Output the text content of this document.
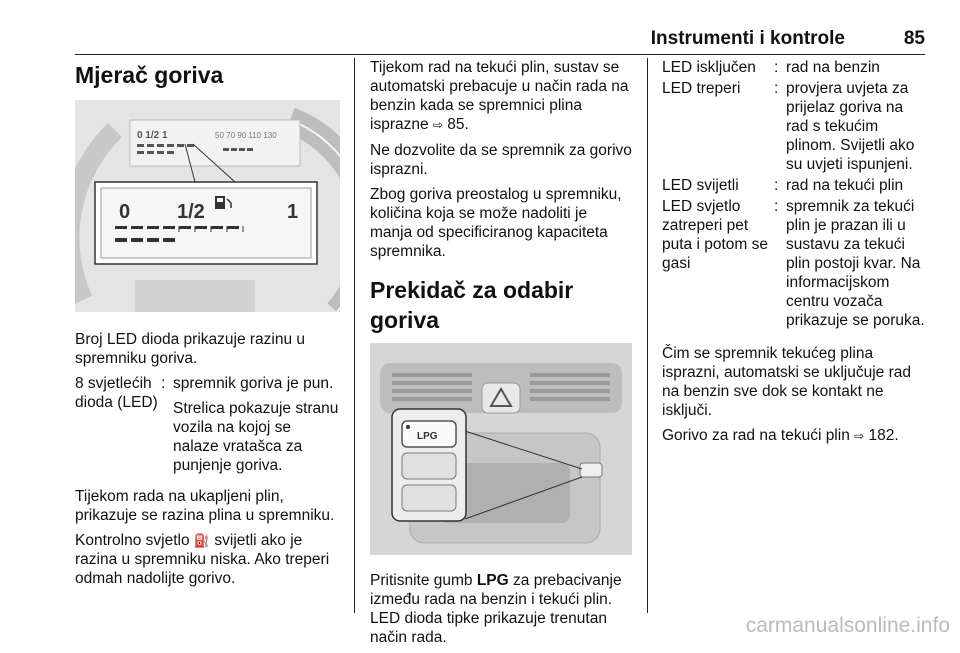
Instrumenti i kontrole	85
Mjerač goriva
0 1/2 1	50 70 90 110 130
0 1/2	1

Broj LED dioda prikazuje razinu u spremniku goriva.

8 svjetlećih dioda (LED)	:	spremnik goriva je pun.
Strelica pokazuje stranu vozila na kojoj se nalaze vratašca za punjenje goriva.

Tijekom rada na ukapljeni plin, prikazuje se razina plina u spremniku.

Kontrolno svjetlo ⛽ svijetli ako je razina u spremniku niska. Ako treperi odmah nadolijte gorivo.

Tijekom rad na tekući plin, sustav se automatski prebacuje u način rada na benzin kada se spremnici plina isprazne ⇨ 85.

Ne dozvolite da se spremnik za gorivo isprazni.

Zbog goriva preostalog u spremniku, količina koja se može nadoliti je manja od specificiranog kapaciteta spremnika.

Prekidač za odabir goriva
LPG

Pritisnite gumb LPG za prebacivanje između rada na benzin i tekući plin. LED dioda tipke prikazuje trenutan način rada.

LED isključen	:	rad na benzin
LED treperi	:	provjera uvjeta za prijelaz goriva na rad s tekućim plinom. Svijetli ako su uvjeti ispunjeni.
LED svijetli	:	rad na tekući plin
LED svjetlo zatreperi pet puta i potom se gasi	:	spremnik za tekući plin je prazan ili u sustavu za tekući plin postoji kvar. Na informacijskom centru vozača prikazuje se poruka.

Čim se spremnik tekućeg plina isprazni, automatski se uključuje rad na benzin sve dok se kontakt ne isključi.

Gorivo za rad na tekući plin ⇨ 182.

carmanualsonline.info
